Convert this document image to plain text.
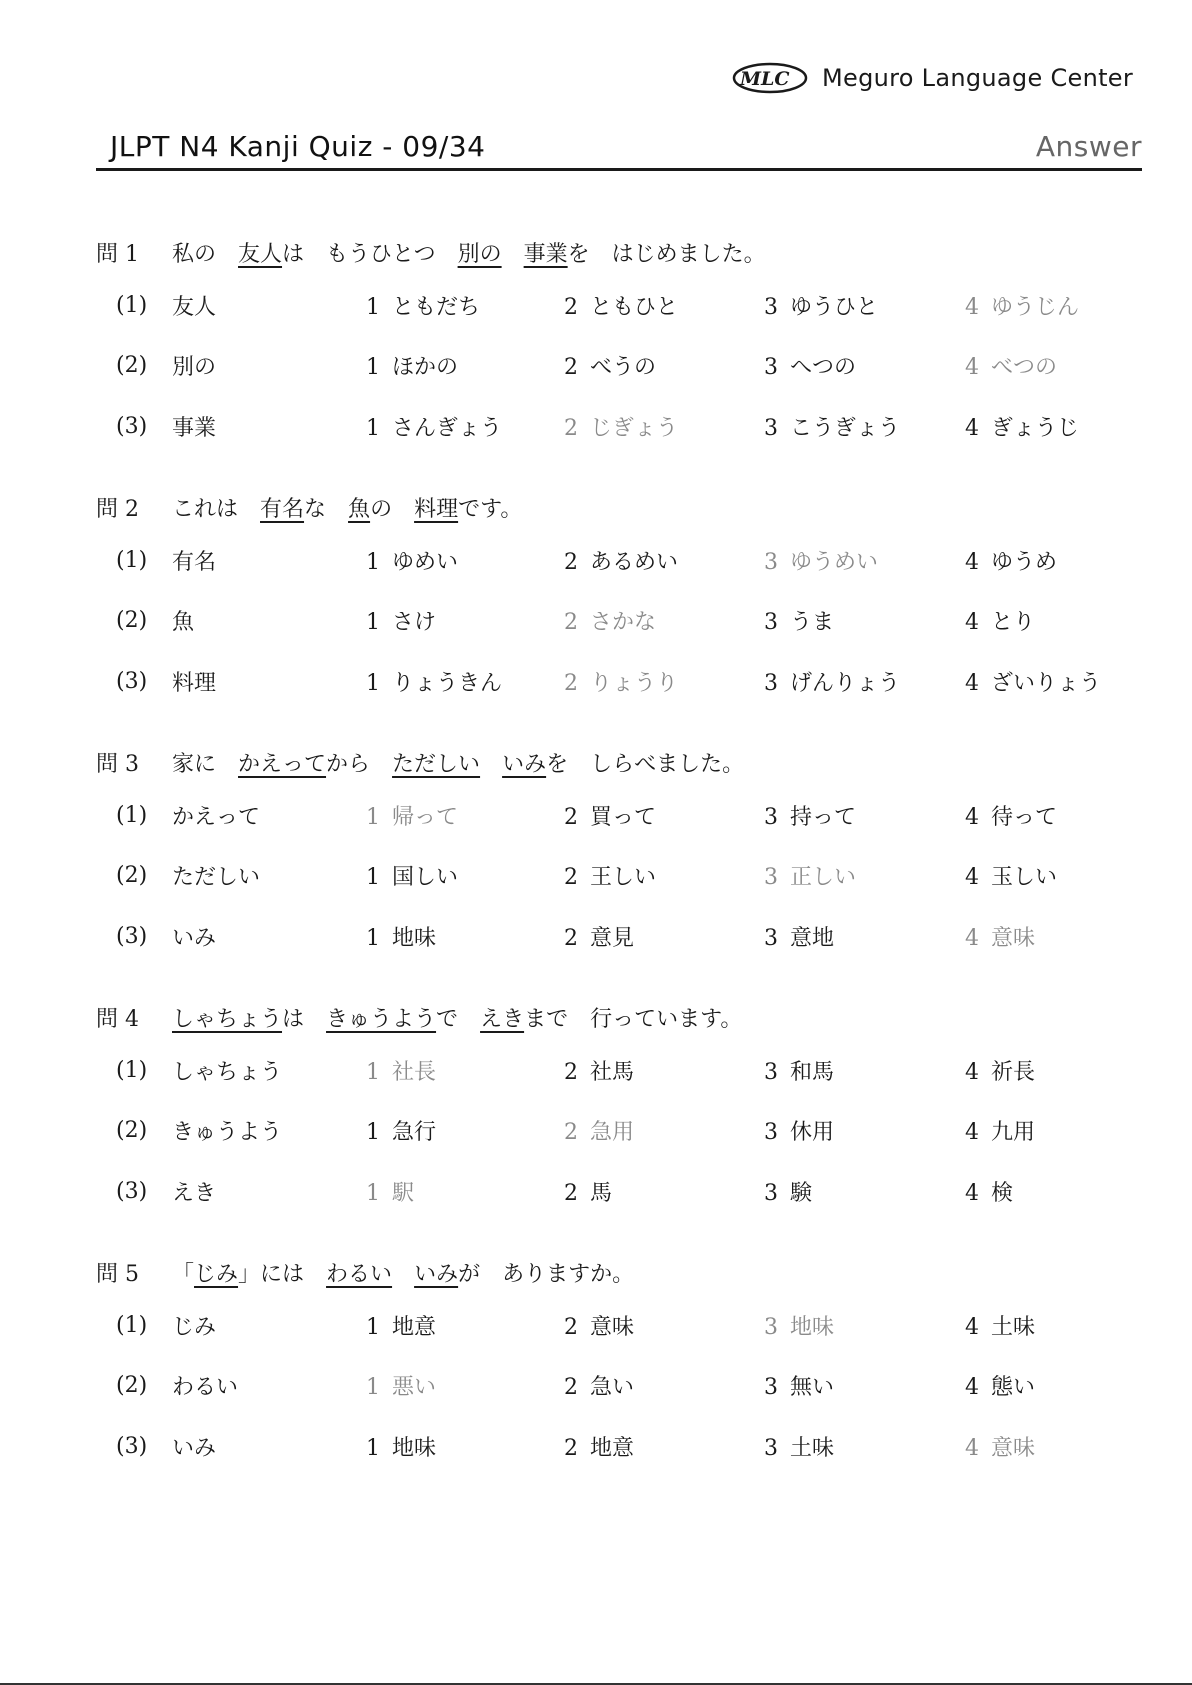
MLC Meguro Language Center
JLPT N4 Kanji Quiz - 09/34	Answer
問 1	私の　 友人 は　もうひとつ　 別の
　 事業 を　はじめました。
(1) 友人	1 ともだち	2 ともひと	3 ゆうひと	4 ゆうじん
(2) 別の	1 ほかの	2 べうの	3 へつの	4 べつの
(3) 事業	1 さんぎょう	2 じぎょう	3 こうぎょう	4 ぎょうじ
問 2	これは　 有名 な　 魚 の　 料理 です。
(1) 有名	1 ゆめい	2 あるめい	3 ゆうめい	4 ゆうめ
(2) 魚	1 さけ	2 さかな	3 うま	4 とり
(3) 料理	1 りょうきん	2 りょうり	3 げんりょう	4 ざいりょう
問 3	家に　 かえって から　 ただしい
　 いみ を　しらべました。
(1) かえって	1 帰って	2 買って	3 持って	4 待って
(2) ただしい	1 国しい	2 王しい	3 正しい	4 玉しい
(3) いみ	1 地味	2 意見	3 意地	4 意味
問 4	しゃちょう は　 きゅうよう で　 えき まで　行っています。
(1) しゃちょう	1 社長	2 社馬	3 和馬	4 祈長
(2) きゅうよう	1 急行	2 急用	3 休用	4 九用
(3) えき	1 駅	2 馬	3 験	4 検
問 5	「 じみ 」には　 わるい
　 いみ が　ありますか。
(1) じみ	1 地意	2 意味	3 地味	4 土味
(2) わるい	1 悪い	2 急い	3 無い	4 態い
(3) いみ	1 地味	2 地意	3 土味	4 意味
